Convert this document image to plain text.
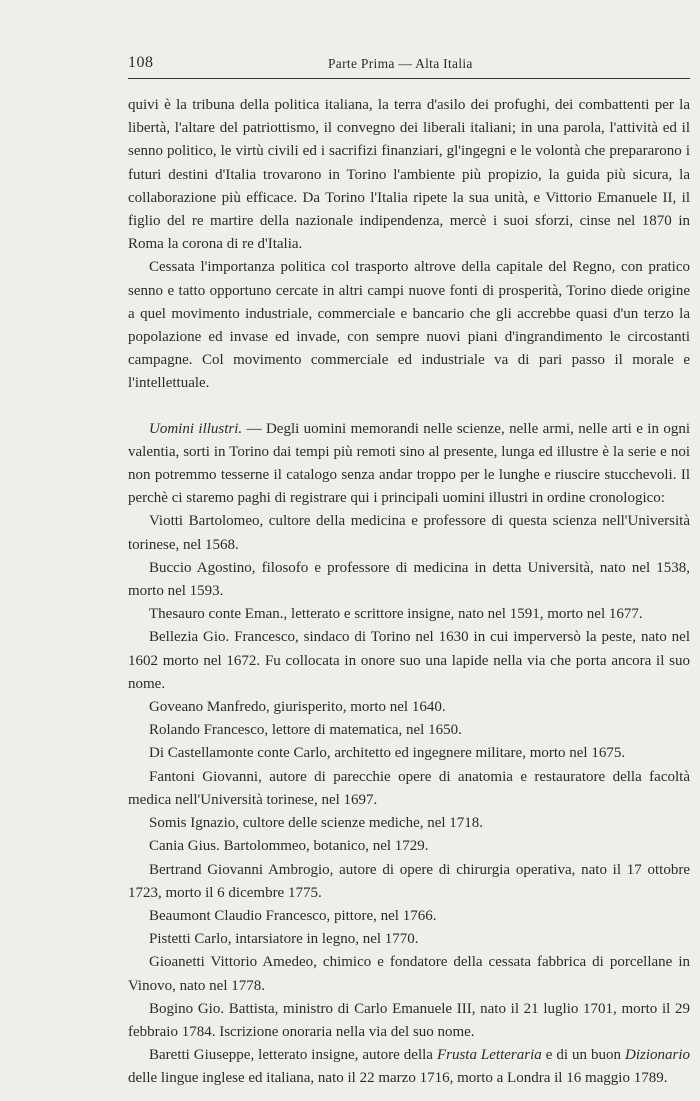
108	Parte Prima — Alta Italia

quivi è la tribuna della politica italiana, la terra d'asilo dei profughi, dei combattenti per la libertà, l'altare del patriottismo, il convegno dei liberali italiani; in una parola, l'attività ed il senno politico, le virtù civili ed i sacrifizi finanziari, gl'ingegni e le volontà che prepararono i futuri destini d'Italia trovarono in Torino l'ambiente più propizio, la guida più sicura, la collaborazione più efficace. Da Torino l'Italia ripete la sua unità, e Vittorio Emanuele II, il figlio del re martire della nazionale indipendenza, mercè i suoi sforzi, cinse nel 1870 in Roma la corona di re d'Italia.

Cessata l'importanza politica col trasporto altrove della capitale del Regno, con pratico senno e tatto opportuno cercate in altri campi nuove fonti di prosperità, Torino diede origine a quel movimento industriale, commerciale e bancario che gli accrebbe quasi d'un terzo la popolazione ed invase ed invade, con sempre nuovi piani d'ingrandimento le circostanti campagne. Col movimento commerciale ed industriale va di pari passo il morale e l'intellettuale.

Uomini illustri. — Degli uomini memorandi nelle scienze, nelle armi, nelle arti e in ogni valentia, sorti in Torino dai tempi più remoti sino al presente, lunga ed illustre è la serie e noi non potremmo tesserne il catalogo senza andar troppo per le lunghe e riuscire stucchevoli. Il perchè ci staremo paghi di registrare qui i principali uomini illustri in ordine cronologico:

Viotti Bartolomeo, cultore della medicina e professore di questa scienza nell'Università torinese, nel 1568.

Buccio Agostino, filosofo e professore di medicina in detta Università, nato nel 1538, morto nel 1593.

Thesauro conte Eman., letterato e scrittore insigne, nato nel 1591, morto nel 1677.

Bellezia Gio. Francesco, sindaco di Torino nel 1630 in cui imperversò la peste, nato nel 1602 morto nel 1672. Fu collocata in onore suo una lapide nella via che porta ancora il suo nome.

Goveano Manfredo, giurisperito, morto nel 1640.

Rolando Francesco, lettore di matematica, nel 1650.

Di Castellamonte conte Carlo, architetto ed ingegnere militare, morto nel 1675.

Fantoni Giovanni, autore di parecchie opere di anatomia e restauratore della facoltà medica nell'Università torinese, nel 1697.

Somis Ignazio, cultore delle scienze mediche, nel 1718.

Cania Gius. Bartolommeo, botanico, nel 1729.

Bertrand Giovanni Ambrogio, autore di opere di chirurgia operativa, nato il 17 ottobre 1723, morto il 6 dicembre 1775.

Beaumont Claudio Francesco, pittore, nel 1766.

Pistetti Carlo, intarsiatore in legno, nel 1770.

Gioanetti Vittorio Amedeo, chimico e fondatore della cessata fabbrica di porcellane in Vinovo, nato nel 1778.

Bogino Gio. Battista, ministro di Carlo Emanuele III, nato il 21 luglio 1701, morto il 29 febbraio 1784. Iscrizione onoraria nella via del suo nome.

Baretti Giuseppe, letterato insigne, autore della Frusta Letteraria e di un buon Dizionario delle lingue inglese ed italiana, nato il 22 marzo 1716, morto a Londra il 16 maggio 1789.
